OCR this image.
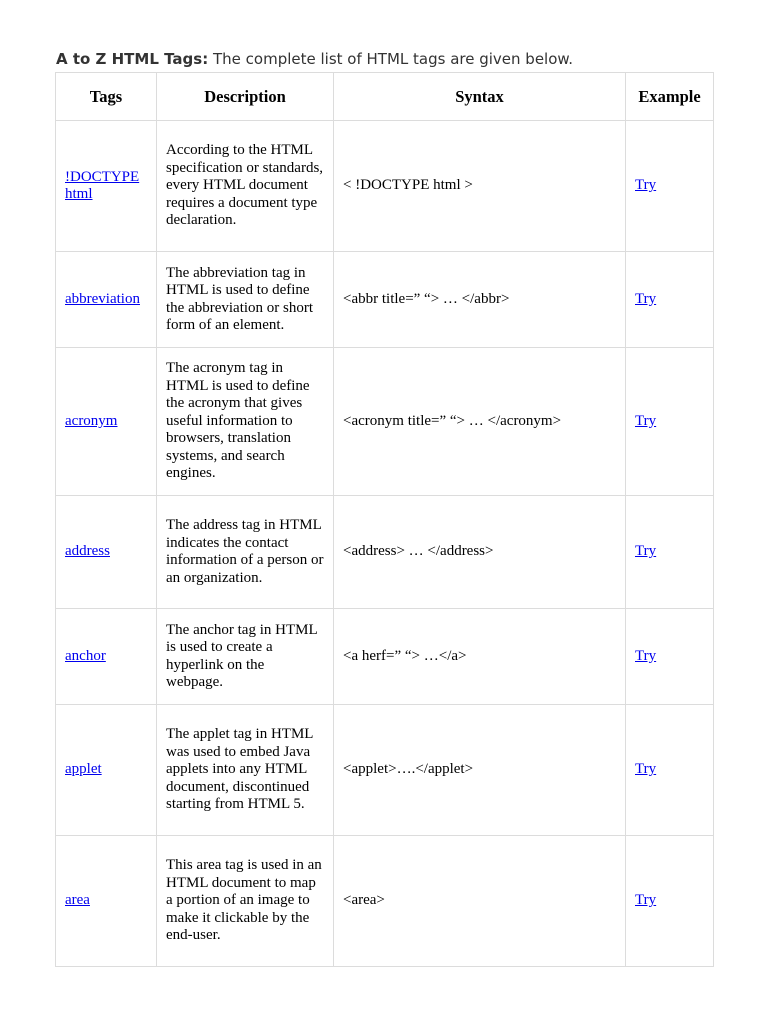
A to Z HTML Tags: The complete list of HTML tags are given below.
Tags	Description	Syntax	Example
!DOCTYPE html	According to the HTML specification or standards, every HTML document requires a document type declaration.	< !DOCTYPE html >	Try
abbreviation	The abbreviation tag in HTML is used to define the abbreviation or short form of an element.	<abbr title=” “> … </abbr>	Try
acronym	The acronym tag in HTML is used to define the acronym that gives useful information to browsers, translation systems, and search engines.	<acronym title=” “> … </acronym>	Try
address	The address tag in HTML indicates the contact information of a person or an organization.	<address> … </address>	Try
anchor	The anchor tag in HTML is used to create a hyperlink on the webpage.	<a herf=” “> …</a>	Try
applet	The applet tag in HTML was used to embed Java applets into any HTML document, discontinued starting from HTML 5.	<applet>….</applet>	Try
area	This area tag is used in an HTML document to map a portion of an image to make it clickable by the end-user.	<area>	Try
